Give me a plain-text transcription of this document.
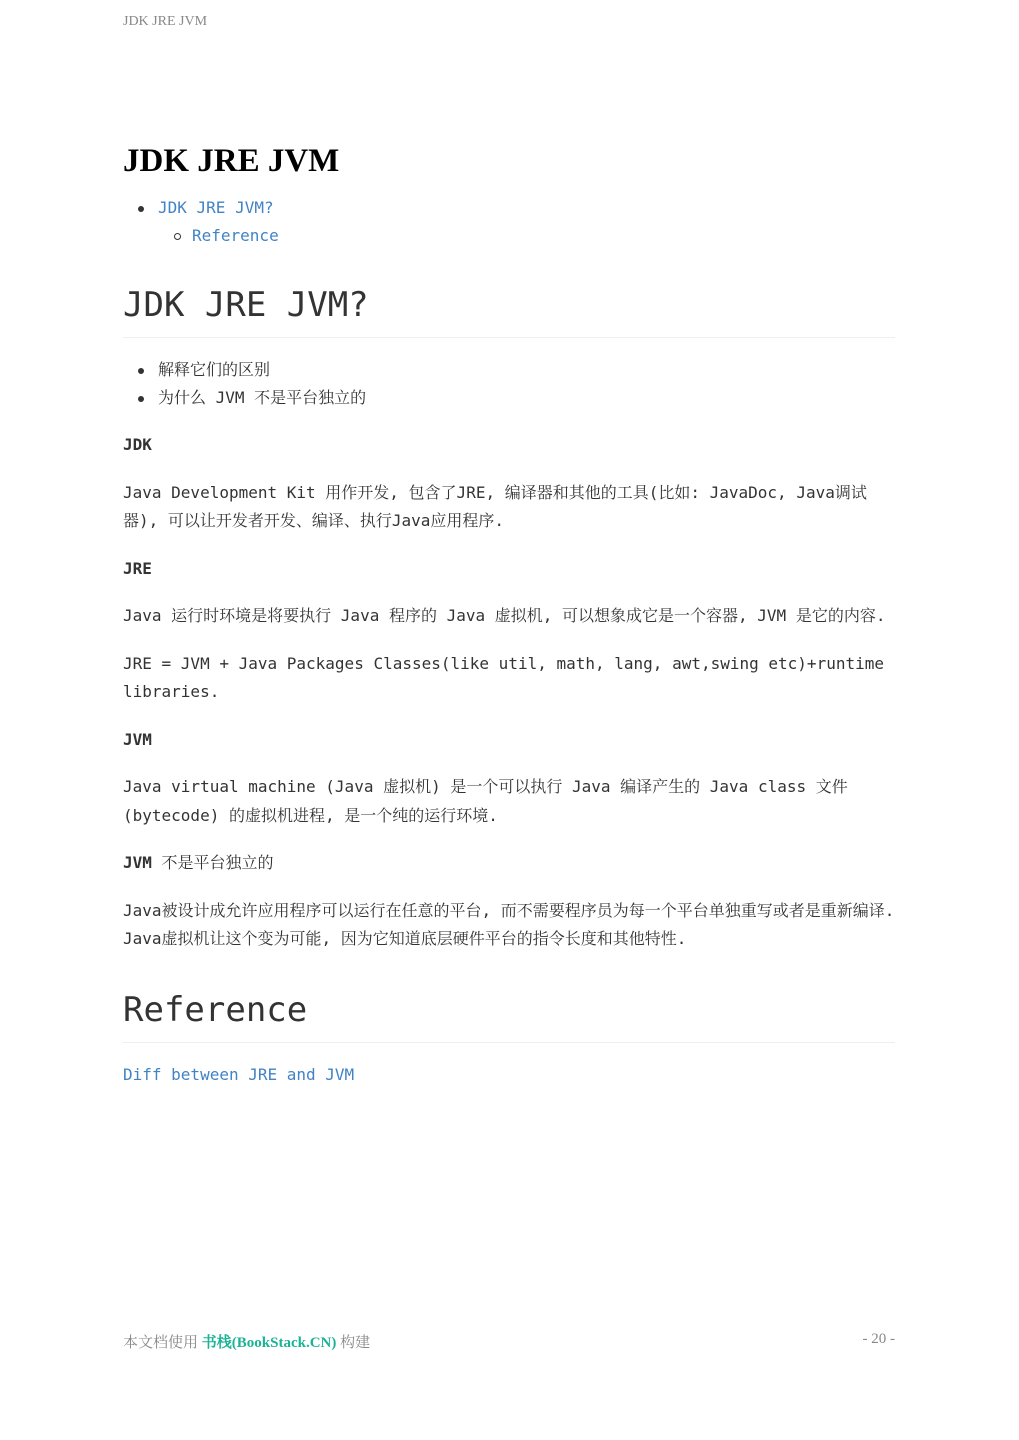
JDK JRE JVM
JDK JRE JVM
JDK JRE JVM?
Reference
JDK JRE JVM?
解释它们的区别
为什么 JVM 不是平台独立的

JDK

Java Development Kit 用作开发, 包含了JRE, 编译器和其他的工具(比如: JavaDoc, Java调试器), 可以让开发者开发、编译、执行Java应用程序.

JRE

Java 运行时环境是将要执行 Java 程序的 Java 虚拟机, 可以想象成它是一个容器, JVM 是它的内容.

JRE = JVM + Java Packages Classes(like util, math, lang, awt,swing etc)+runtime libraries.

JVM

Java virtual machine (Java 虚拟机) 是一个可以执行 Java 编译产生的 Java class 文件 (bytecode) 的虚拟机进程, 是一个纯的运行环境.

JVM 不是平台独立的

Java被设计成允许应用程序可以运行在任意的平台, 而不需要程序员为每一个平台单独重写或者是重新编译. Java虚拟机让这个变为可能, 因为它知道底层硬件平台的指令长度和其他特性.

Reference

Diff between JRE and JVM

本文档使用 书栈(BookStack.CN) 构建	- 20 -
